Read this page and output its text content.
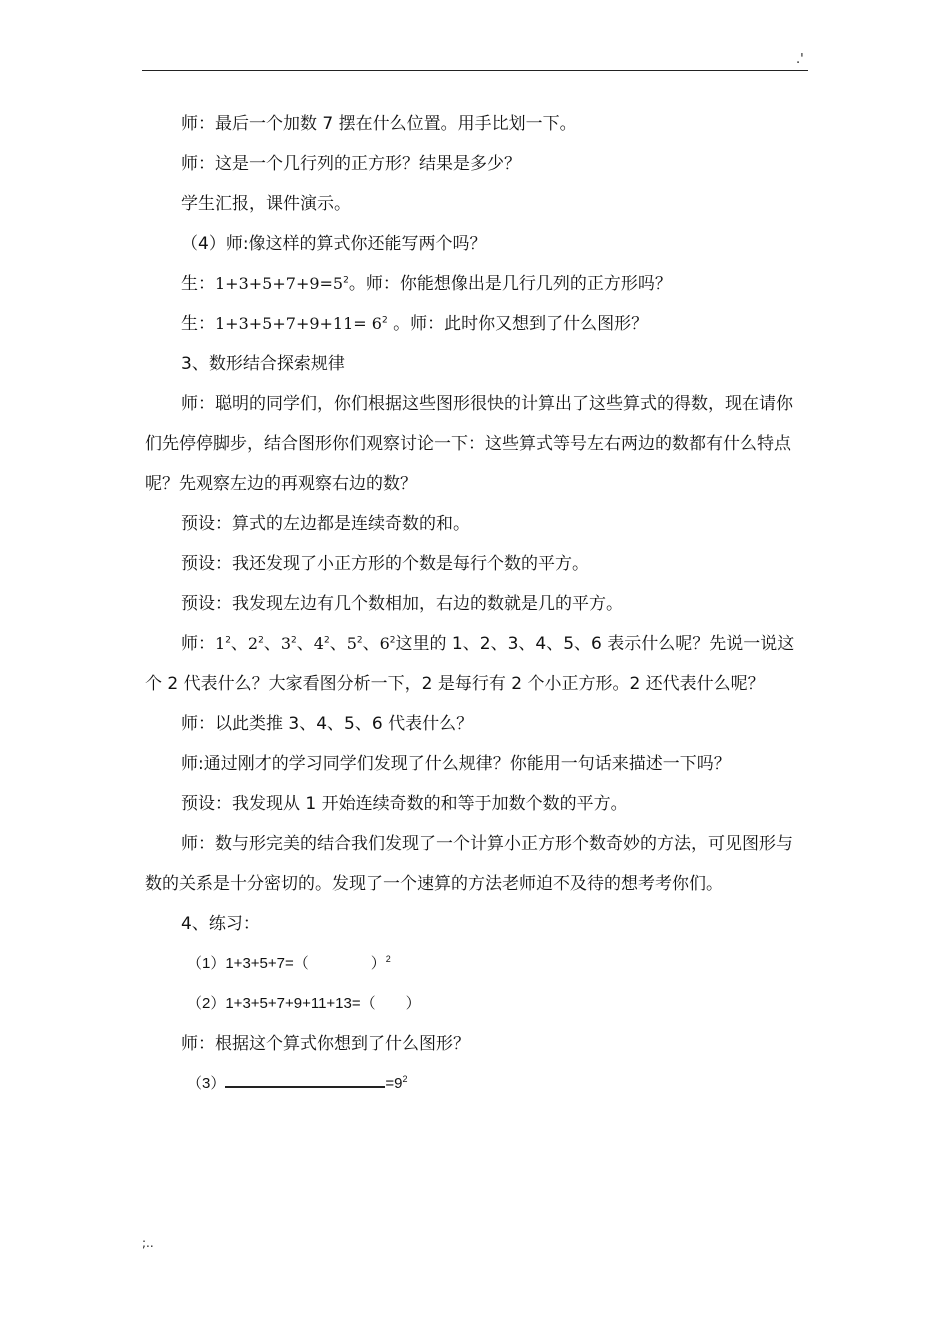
.'

师：最后一个加数 7 摆在什么位置。用手比划一下。

师：这是一个几行列的正方形？结果是多少？

学生汇报，课件演示。

（4）师:像这样的算式你还能写两个吗？

生：$1+3+5+7+9=5^2$。师：你能想像出是几行几列的正方形吗？

生：$1+3+5+7+9+11= 6^2$ 。师：此时你又想到了什么图形？

3、数形结合探索规律

师：聪明的同学们，你们根据这些图形很快的计算出了这些算式的得数，现在请你们先停停脚步，结合图形你们观察讨论一下：这些算式等号左右两边的数都有什么特点呢？先观察左边的再观察右边的数？

预设：算式的左边都是连续奇数的和。

预设：我还发现了小正方形的个数是每行个数的平方。

预设：我发现左边有几个数相加，右边的数就是几的平方。

师：$1^2$、$2^2$、$3^2$、$4^2$、$5^2$、$6^2$这里的 1、2、3、4、5、6 表示什么呢？先说一说这个 2 代表什么？大家看图分析一下，2 是每行有 2 个小正方形。2 还代表什么呢？

师：以此类推 3、4、5、6 代表什么？

师:通过刚才的学习同学们发现了什么规律？你能用一句话来描述一下吗？

预设：我发现从 1 开始连续奇数的和等于加数个数的平方。

师：数与形完美的结合我们发现了一个计算小正方形个数奇妙的方法，可见图形与数的关系是十分密切的。发现了一个速算的方法老师迫不及待的想考考你们。

4、练习：

（1）1+3+5+7=（	）$^2$

（2）1+3+5+7+9+11+13=（ ）

师：根据这个算式你想到了什么图形？

（3）	$=9^2$

;..
